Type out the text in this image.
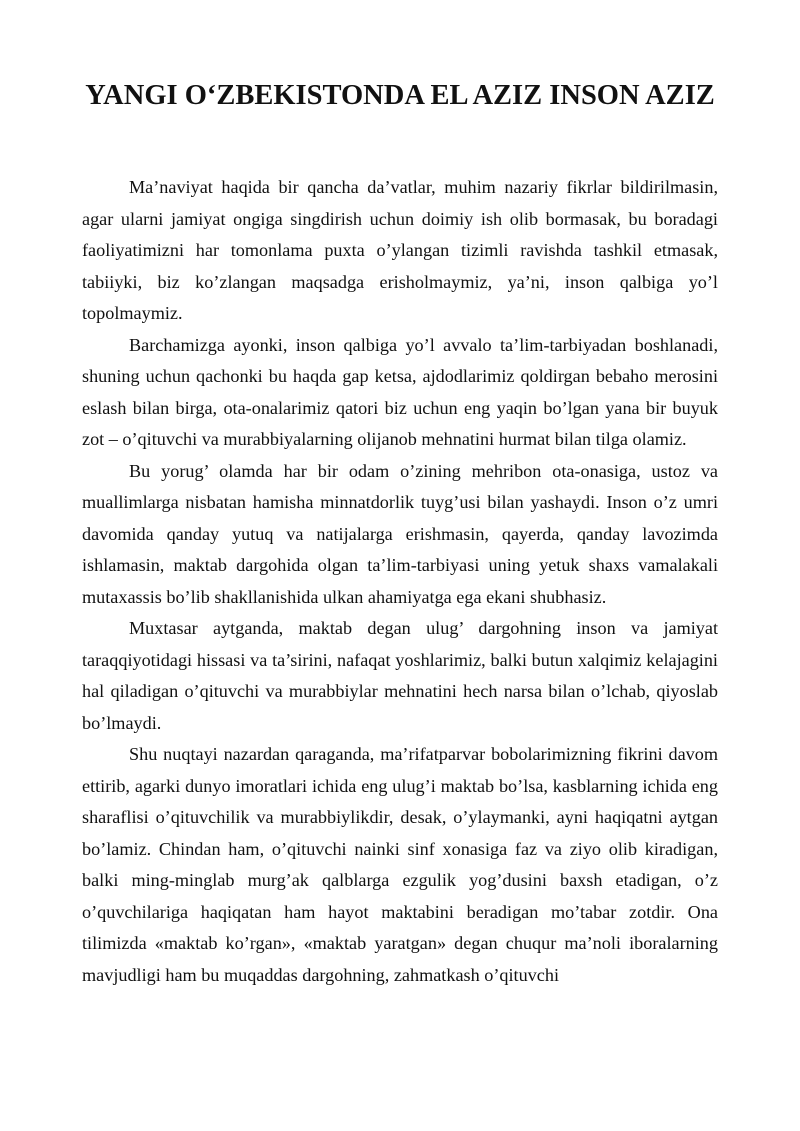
YANGI O‘ZBEKISTONDA EL AZIZ INSON AZIZ

Ma’naviyat haqida bir qancha da’vatlar, muhim nazariy fikrlar bildirilmasin, agar ularni jamiyat ongiga singdirish uchun doimiy ish olib bormasak, bu boradagi faoliyatimizni har tomonlama puxta o’ylangan tizimli ravishda tashkil etmasak, tabiiyki, biz ko’zlangan maqsadga erisholmaymiz, ya’ni, inson qalbiga yo’l topolmaymiz.

Barchamizga ayonki, inson qalbiga yo’l avvalo ta’lim-tarbiyadan boshlanadi, shuning uchun qachonki bu haqda gap ketsa, ajdodlarimiz qoldirgan bebaho merosini eslash bilan birga, ota-onalarimiz qatori biz uchun eng yaqin bo’lgan yana bir buyuk zot – o’qituvchi va murabbiyalarning olijanob mehnatini hurmat bilan tilga olamiz.

Bu yorug’ olamda har bir odam o’zining mehribon ota-onasiga, ustoz va muallimlarga nisbatan hamisha minnatdorlik tuyg’usi bilan yashaydi. Inson o’z umri davomida qanday yutuq va natijalarga erishmasin, qayerda, qanday lavozimda ishlamasin, maktab dargohida olgan ta’lim-tarbiyasi uning yetuk shaxs vamalakali mutaxassis bo’lib shakllanishida ulkan ahamiyatga ega ekani shubhasiz.

Muxtasar aytganda, maktab degan ulug’ dargohning inson va jamiyat taraqqiyotidagi hissasi va ta’sirini, nafaqat yoshlarimiz, balki butun xalqimiz kelajagini hal qiladigan o’qituvchi va murabbiylar mehnatini hech narsa bilan o’lchab, qiyoslab bo’lmaydi.

Shu nuqtayi nazardan qaraganda, ma’rifatparvar bobolarimizning fikrini davom ettirib, agarki dunyo imoratlari ichida eng ulug’i maktab bo’lsa, kasblarning ichida eng sharaflisi o’qituvchilik va murabbiylikdir, desak, o’ylaymanki, ayni haqiqatni aytgan bo’lamiz. Chindan ham, o’qituvchi nainki sinf xonasiga faz va ziyo olib kiradigan, balki ming-minglab murg’ak qalblarga ezgulik yog’dusini baxsh etadigan, o’z o’quvchilariga haqiqatan ham hayot maktabini beradigan mo’tabar zotdir. Ona tilimizda «maktab ko’rgan», «maktab yaratgan» degan chuqur ma’noli iboralarning mavjudligi ham bu muqaddas dargohning, zahmatkash o’qituvchi
